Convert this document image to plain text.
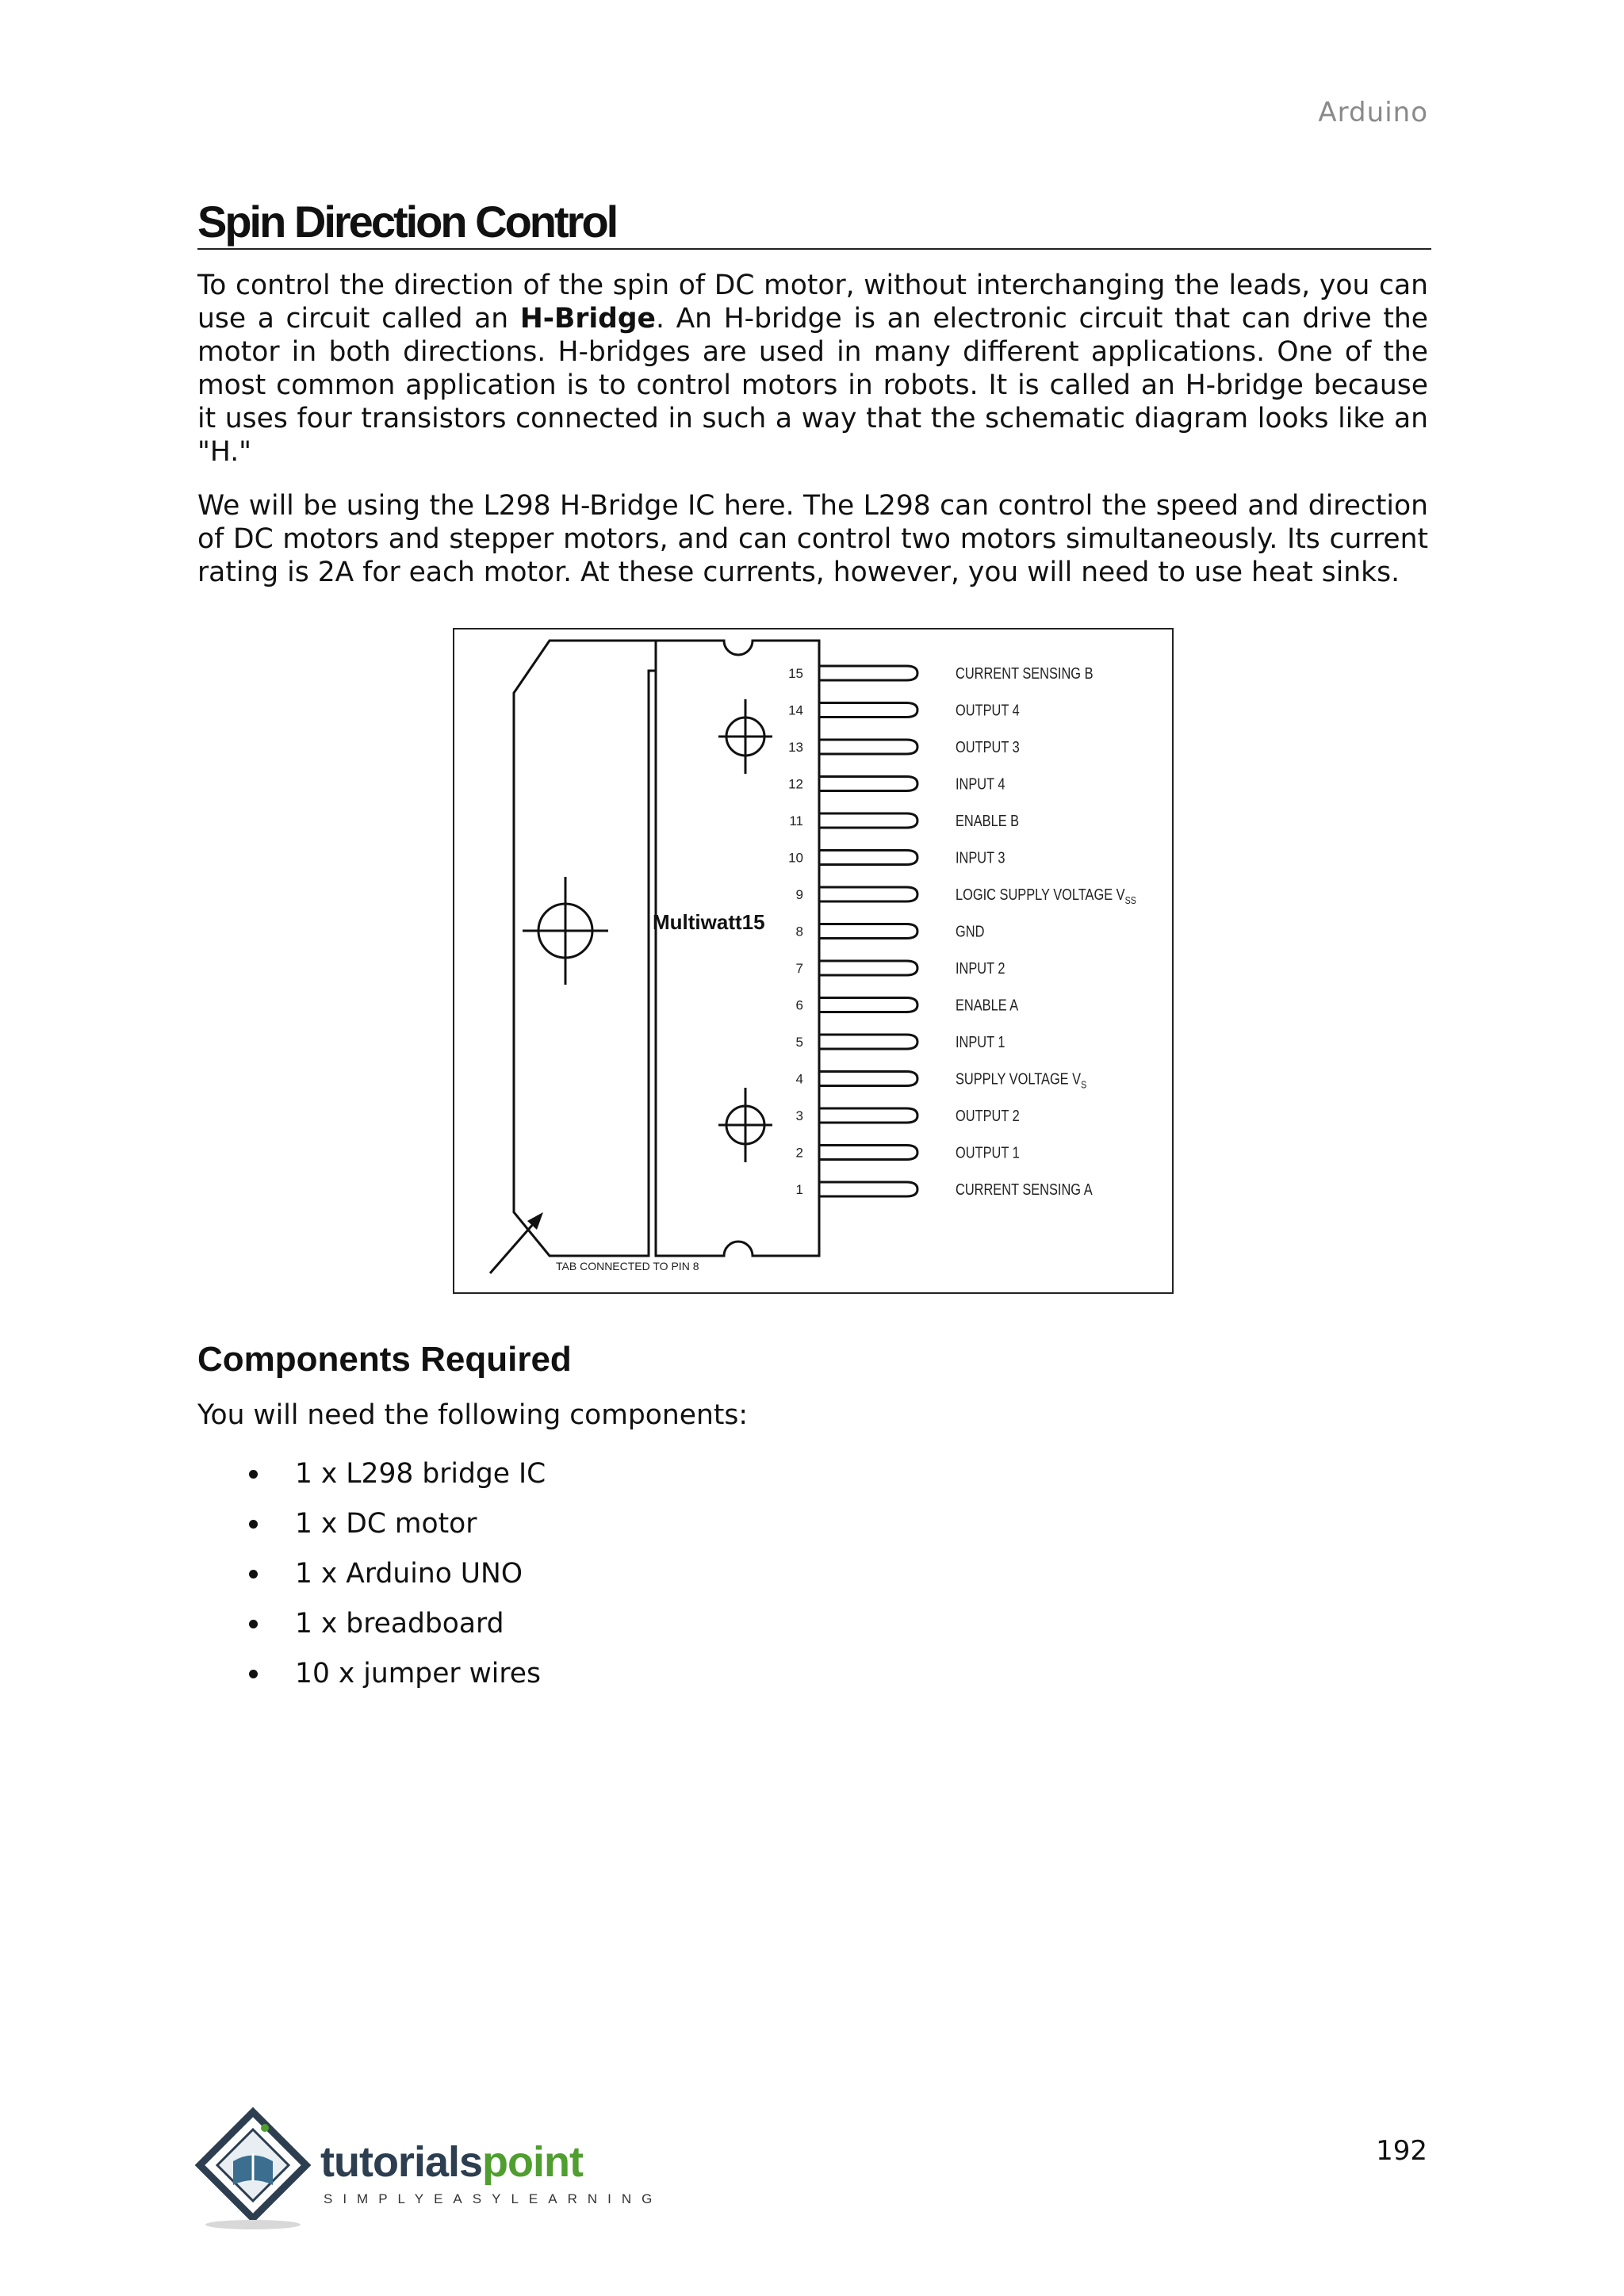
Arduino
Spin Direction Control

To control the direction of the spin of DC motor, without interchanging the leads, you can use a circuit called an H-Bridge. An H-bridge is an electronic circuit that can drive the motor in both directions. H-bridges are used in many different applications. One of the most common application is to control motors in robots. It is called an H-bridge because it uses four transistors connected in such a way that the schematic diagram looks like an "H."

We will be using the L298 H-Bridge IC here. The L298 can control the speed and direction of DC motors and stepper motors, and can control two motors simultaneously. Its current rating is 2A for each motor. At these currents, however, you will need to use heat sinks.

15	CURRENT SENSING B
14	OUTPUT 4
13	OUTPUT 3
12	INPUT 4
11	ENABLE B
10	INPUT 3
9	LOGIC SUPPLY VOLTAGE $V_{SS}$
8	GND
7	INPUT 2
6	ENABLE A
5	INPUT 1
4	SUPPLY VOLTAGE $V_S$
3	OUTPUT 2
2	OUTPUT 1
1	CURRENT SENSING A
Multiwatt15
TAB CONNECTED TO PIN 8
Components Required

You will need the following components:

1 x L298 bridge IC
1 x DC motor
1 x Arduino UNO
1 x breadboard
10 x jumper wires
tutorialspoint
SIMPLYEASYLEARNING
192
